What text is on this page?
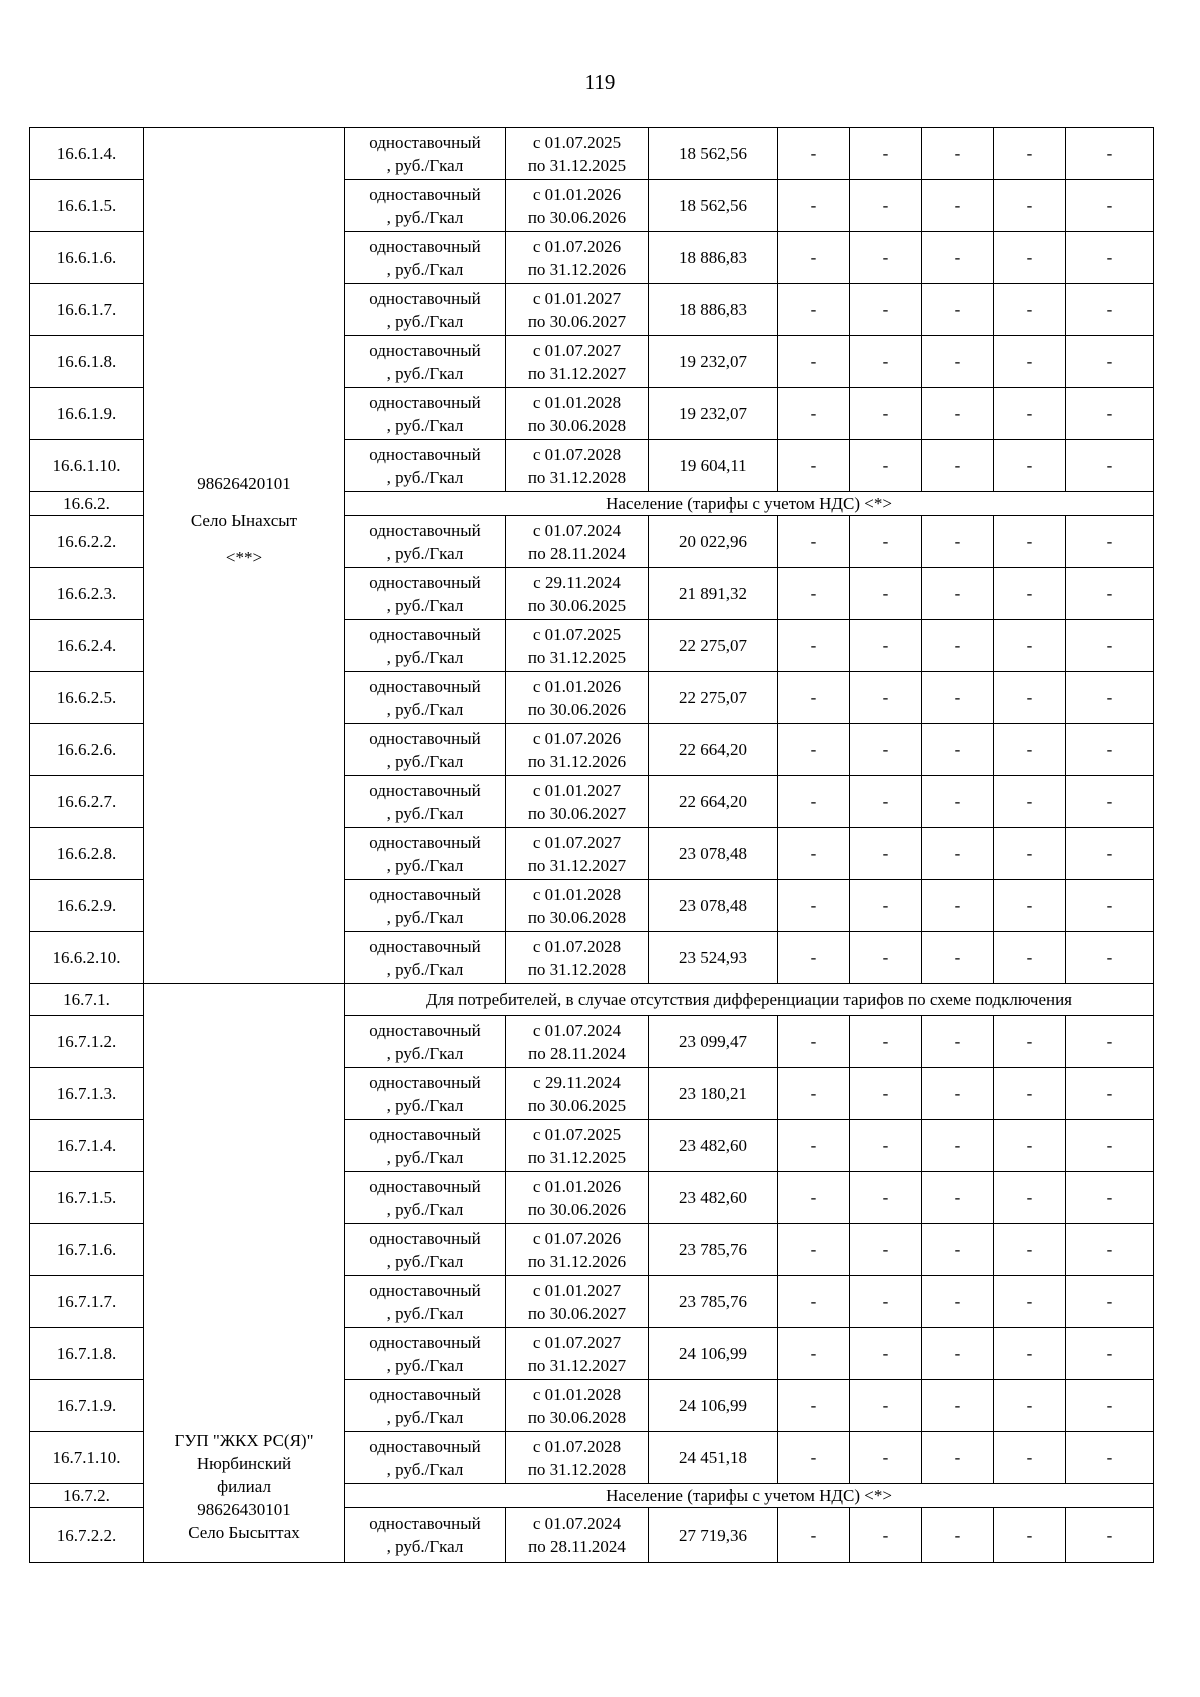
119
16.6.1.4.	98626420101
Село Ынахсыт
<**>	одноставочный
, руб./Гкал	с 01.07.2025
по 31.12.2025	18 562,56	-	-	-	-	-
16.6.1.5.		одноставочный
, руб./Гкал	с 01.01.2026
по 30.06.2026	18 562,56	-	-	-	-	-
16.6.1.6.		одноставочный
, руб./Гкал	с 01.07.2026
по 31.12.2026	18 886,83	-	-	-	-	-
16.6.1.7.		одноставочный
, руб./Гкал	с 01.01.2027
по 30.06.2027	18 886,83	-	-	-	-	-
16.6.1.8.		одноставочный
, руб./Гкал	с 01.07.2027
по 31.12.2027	19 232,07	-	-	-	-	-
16.6.1.9.		одноставочный
, руб./Гкал	с 01.01.2028
по 30.06.2028	19 232,07	-	-	-	-	-
16.6.1.10.		одноставочный
, руб./Гкал	с 01.07.2028
по 31.12.2028	19 604,11	-	-	-	-	-
16.6.2.		Население (тарифы с учетом НДС) <*>							
16.6.2.2.		одноставочный
, руб./Гкал	с 01.07.2024
по 28.11.2024	20 022,96	-	-	-	-	-
16.6.2.3.		одноставочный
, руб./Гкал	с 29.11.2024
по 30.06.2025	21 891,32	-	-	-	-	-
16.6.2.4.		одноставочный
, руб./Гкал	с 01.07.2025
по 31.12.2025	22 275,07	-	-	-	-	-
16.6.2.5.		одноставочный
, руб./Гкал	с 01.01.2026
по 30.06.2026	22 275,07	-	-	-	-	-
16.6.2.6.		одноставочный
, руб./Гкал	с 01.07.2026
по 31.12.2026	22 664,20	-	-	-	-	-
16.6.2.7.		одноставочный
, руб./Гкал	с 01.01.2027
по 30.06.2027	22 664,20	-	-	-	-	-
16.6.2.8.		одноставочный
, руб./Гкал	с 01.07.2027
по 31.12.2027	23 078,48	-	-	-	-	-
16.6.2.9.		одноставочный
, руб./Гкал	с 01.01.2028
по 30.06.2028	23 078,48	-	-	-	-	-
16.6.2.10.		одноставочный
, руб./Гкал	с 01.07.2028
по 31.12.2028	23 524,93	-	-	-	-	-
16.7.1.	ГУП "ЖКХ РС(Я)"
Нюрбинский
филиал
98626430101
Село Бысыттах	Для потребителей, в случае отсутствия дифференциации тарифов по схеме подключения							
16.7.1.2.		одноставочный
, руб./Гкал	с 01.07.2024
по 28.11.2024	23 099,47	-	-	-	-	-
16.7.1.3.		одноставочный
, руб./Гкал	с 29.11.2024
по 30.06.2025	23 180,21	-	-	-	-	-
16.7.1.4.		одноставочный
, руб./Гкал	с 01.07.2025
по 31.12.2025	23 482,60	-	-	-	-	-
16.7.1.5.		одноставочный
, руб./Гкал	с 01.01.2026
по 30.06.2026	23 482,60	-	-	-	-	-
16.7.1.6.		одноставочный
, руб./Гкал	с 01.07.2026
по 31.12.2026	23 785,76	-	-	-	-	-
16.7.1.7.		одноставочный
, руб./Гкал	с 01.01.2027
по 30.06.2027	23 785,76	-	-	-	-	-
16.7.1.8.		одноставочный
, руб./Гкал	с 01.07.2027
по 31.12.2027	24 106,99	-	-	-	-	-
16.7.1.9.		одноставочный
, руб./Гкал	с 01.01.2028
по 30.06.2028	24 106,99	-	-	-	-	-
16.7.1.10.		одноставочный
, руб./Гкал	с 01.07.2028
по 31.12.2028	24 451,18	-	-	-	-	-
16.7.2.		Население (тарифы с учетом НДС) <*>							
16.7.2.2.		одноставочный
, руб./Гкал	с 01.07.2024
по 28.11.2024	27 719,36	-	-	-	-	-
